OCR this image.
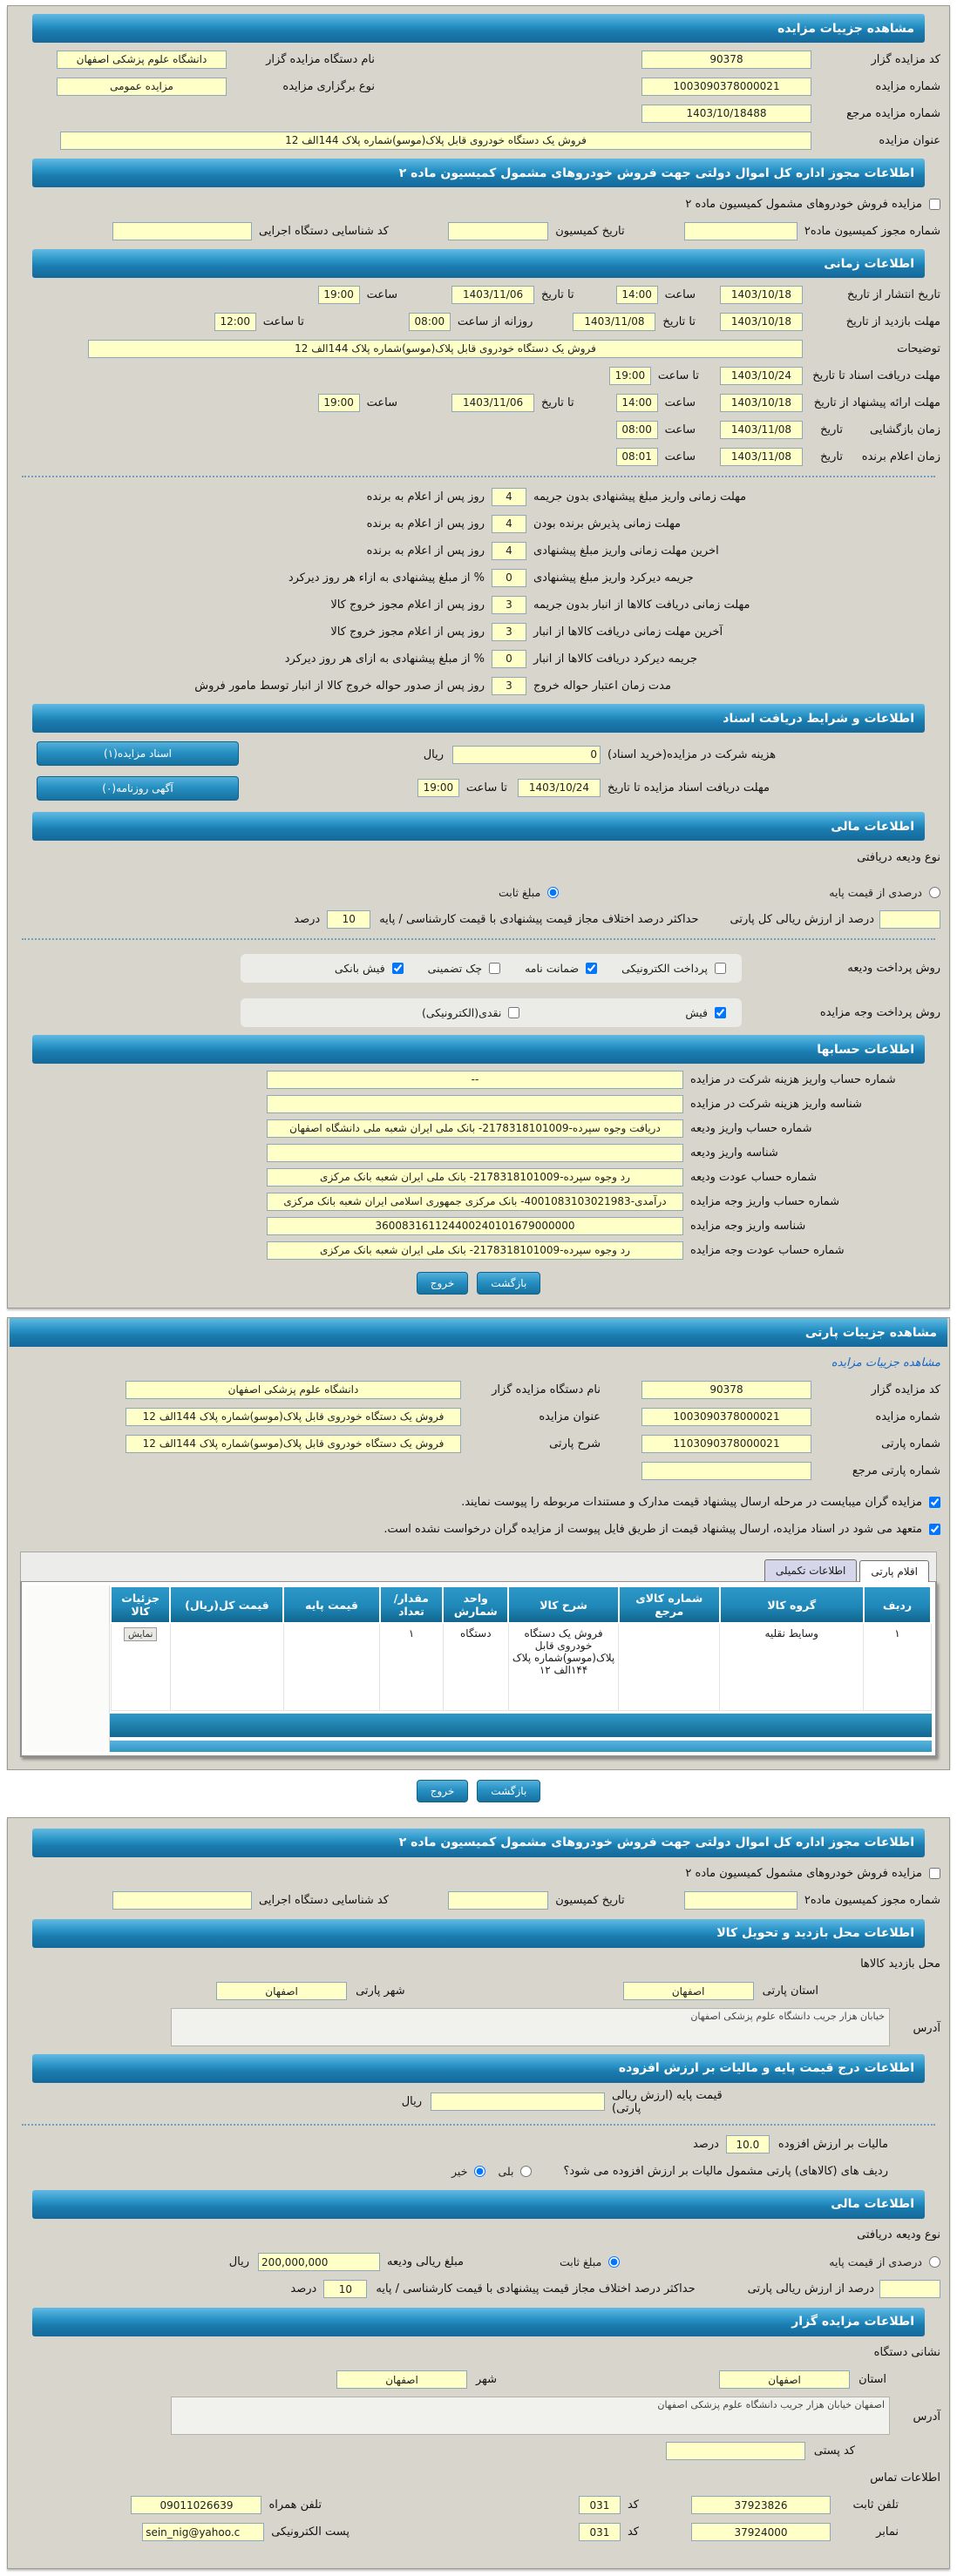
مشاهده جزییات مزایده
کد مزایده گزار
90378
نام دستگاه مزایده گزار
دانشگاه علوم پزشکی اصفهان
شماره مزایده
1003090378000021
نوع برگزاری مزایده
مزایده عمومی
شماره مزایده مرجع
1403/10/18488
عنوان مزایده
فروش یک دستگاه خودروی قابل پلاک(موسو)شماره پلاک 144الف 12
اطلاعات مجوز اداره کل اموال دولتی جهت فروش خودروهای مشمول کمیسیون ماده ۲
مزایده فروش خودروهای مشمول کمیسیون ماده ۲
شماره مجوز کمیسیون ماده۲
تاریخ کمیسیون
کد شناسایی دستگاه اجرایی
اطلاعات زمانی
تاریخ انتشار از تاریخ
1403/10/18
ساعت
14:00
تا تاریخ
1403/11/06
ساعت
19:00
مهلت بازدید از تاریخ
1403/10/18
تا تاریخ
1403/11/08
روزانه از ساعت
08:00
تا ساعت
12:00
توضیحات
فروش یک دستگاه خودروی قابل پلاک(موسو)شماره پلاک 144الف 12
مهلت دریافت اسناد تا تاریخ
1403/10/24
تا ساعت
19:00
مهلت ارائه پیشنهاد از تاریخ
1403/10/18
ساعت
14:00
تا تاریخ
1403/11/06
ساعت
19:00
زمان بازگشایی
تاریخ
1403/11/08
ساعت
08:00
زمان اعلام برنده
تاریخ
1403/11/08
ساعت
08:01
مهلت زمانی واریز مبلغ پیشنهادی بدون جریمه
4
روز پس از اعلام به برنده
مهلت زمانی پذیرش برنده بودن
4
روز پس از اعلام به برنده
اخرین مهلت زمانی واریز مبلغ پیشنهادی
4
روز پس از اعلام به برنده
جریمه دیرکرد واریز مبلغ پیشنهادی
0
% از مبلغ پیشنهادی به ازاء هر روز دیرکرد
مهلت زمانی دریافت کالاها از انبار بدون جریمه
3
روز پس از اعلام مجوز خروج کالا
آخرین مهلت زمانی دریافت کالاها از انبار
3
روز پس از اعلام مجوز خروج کالا
جریمه دیرکرد دریافت کالاها از انبار
0
% از مبلغ پیشنهادی به ازای هر روز دیرکرد
مدت زمان اعتبار حواله خروج
3
روز پس از صدور حواله خروج کالا از انبار توسط مامور فروش
اطلاعات و شرایط دریافت اسناد
هزینه شرکت در مزایده(خرید اسناد)
0
ریال
مهلت دریافت اسناد مزایده تا تاریخ
1403/10/24
تا ساعت
19:00
اسناد مزایده(۱)
آگهی روزنامه(۰)
اطلاعات مالی
نوع ودیعه دریافتی
درصدی از قیمت پایه
مبلغ ثابت
درصد از ارزش ریالی کل پارتی
حداکثر درصد اختلاف مجاز قیمت پیشنهادی با قیمت کارشناسی / پایه
10
درصد
روش پرداخت ودیعه
پرداخت الکترونیکی
ضمانت نامه
چک تضمینی
فیش بانکی
روش پرداخت وجه مزایده
فیش
نقدی(الکترونیکی)
اطلاعات حسابها
شماره حساب واریز هزینه شرکت در مزایده
--
شناسه واریز هزینه شرکت در مزایده
شماره حساب واریز ودیعه
دریافت وجوه سپرده-2178318101009- بانک ملی ایران شعبه ملی دانشگاه اصفهان
شناسه واریز ودیعه
شماره حساب عودت ودیعه
رد وجوه سپرده-2178318101009- بانک ملی ایران شعبه بانک مرکزی
شماره حساب واریز وجه مزایده
درآمدی-4001083103021983- بانک مرکزی جمهوری اسلامی ایران شعبه بانک مرکزی
شناسه واریز وجه مزایده
360083161124400240101679000000
شماره حساب عودت وجه مزایده
رد وجوه سپرده-2178318101009- بانک ملی ایران شعبه بانک مرکزی
بازگشت
خروج
مشاهده جزییات پارتی
مشاهده جزییات مزایده
کد مزایده گزار
90378
نام دستگاه مزایده گزار
دانشگاه علوم پزشکی اصفهان
شماره مزایده
1003090378000021
عنوان مزایده
فروش یک دستگاه خودروی قابل پلاک(موسو)شماره پلاک 144الف 12
شماره پارتی
1103090378000021
شرح پارتی
فروش یک دستگاه خودروی قابل پلاک(موسو)شماره پلاک 144الف 12
شماره پارتی مرجع
مزایده گران میبایست در مرحله ارسال پیشنهاد قیمت مدارک و مستندات مربوطه را پیوست نمایند.
متعهد می شود در اسناد مزایده، ارسال پیشنهاد قیمت از طریق فایل پیوست از مزایده گران درخواست نشده است.
اقلام پارتی
اطلاعات تکمیلی
ردیف	گروه کالا	شماره کالای مرجع	شرح کالا	واحد شمارش	مقدار/ تعداد	قیمت پایه	قیمت کل(ریال)	جزئیات کالا
۱	وسایط نقلیه		فروش یک دستگاه خودروی قابل پلاک(موسو)شماره پلاک ۱۴۴الف ۱۲	دستگاه	۱			نمایش
بازگشت
خروج
اطلاعات مجوز اداره کل اموال دولتی جهت فروش خودروهای مشمول کمیسیون ماده ۲
مزایده فروش خودروهای مشمول کمیسیون ماده ۲
شماره مجوز کمیسیون ماده۲
تاریخ کمیسیون
کد شناسایی دستگاه اجرایی
اطلاعات محل بازدید و تحویل کالا
محل بازدید کالاها
استان پارتی
اصفهان
شهر پارتی
اصفهان
آدرس
خیابان هزار جریب دانشگاه علوم پزشکی اصفهان
اطلاعات درج قیمت پایه و مالیات بر ارزش افزوده
قیمت پایه (ارزش ریالی پارتی)
ریال
مالیات بر ارزش افزوده
10.0
درصد
ردیف های (کالاهای) پارتی مشمول مالیات بر ارزش افزوده می شود؟
بلی
خیر
اطلاعات مالی
نوع ودیعه دریافتی
درصدی از قیمت پایه
مبلغ ثابت
مبلغ ریالی ودیعه
200,000,000
ریال
درصد از ارزش ریالی پارتی
حداکثر درصد اختلاف مجاز قیمت پیشنهادی با قیمت کارشناسی / پایه
10
درصد
اطلاعات مزایده گزار
نشانی دستگاه
استان
اصفهان
شهر
اصفهان
آدرس
اصفهان خیابان هزار جریب دانشگاه علوم پزشکی اصفهان
کد پستی
اطلاعات تماس
تلفن ثابت
37923826
کد
031
تلفن همراه
09011026639
نمابر
37924000
کد
031
پست الکترونیکی
sein_nig@yahoo.c
